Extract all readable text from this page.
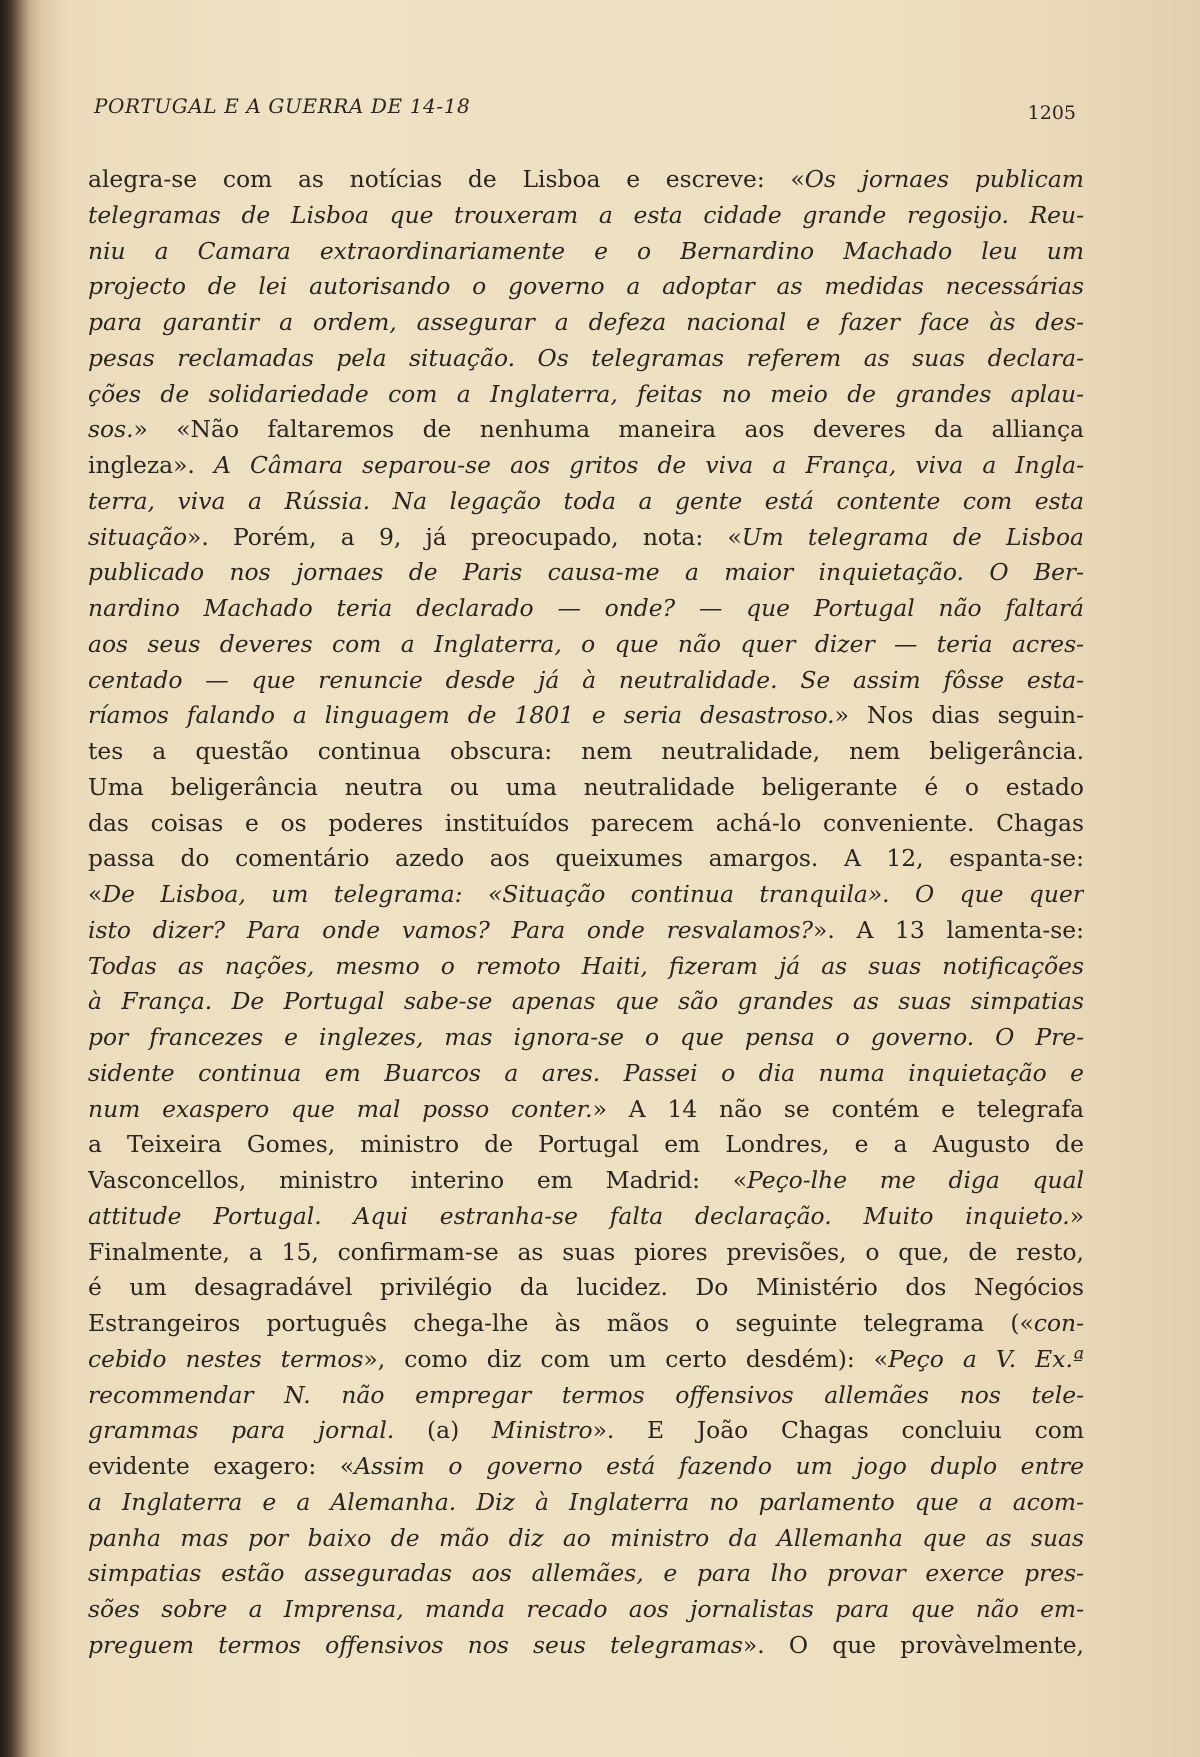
PORTUGAL E A GUERRA DE 14-18	1205
alegra-se com as notícias de Lisboa e escreve: «Os jornaes publicam
telegramas de Lisboa que trouxeram a esta cidade grande regosijo. Reu-
niu a Camara extraordinariamente e o Bernardino Machado leu um
projecto de lei autorisando o governo a adoptar as medidas necessárias
para garantir a ordem, assegurar a defeza nacional e fazer face às des-
pesas reclamadas pela situação. Os telegramas referem as suas declara-
ções de solidariedade com a Inglaterra, feitas no meio de grandes aplau-
sos.» «Não faltaremos de nenhuma maneira aos deveres da alliança
ingleza». A Câmara separou-se aos gritos de viva a França, viva a Ingla-
terra, viva a Rússia. Na legação toda a gente está contente com esta
situação». Porém, a 9, já preocupado, nota: «Um telegrama de Lisboa
publicado nos jornaes de Paris causa-me a maior inquietação. O Ber-
nardino Machado teria declarado — onde? — que Portugal não faltará
aos seus deveres com a Inglaterra, o que não quer dizer — teria acres-
centado — que renuncie desde já à neutralidade. Se assim fôsse esta-
ríamos falando a linguagem de 1801 e seria desastroso.» Nos dias seguin-
tes a questão continua obscura: nem neutralidade, nem beligerância.
Uma beligerância neutra ou uma neutralidade beligerante é o estado
das coisas e os poderes instituídos parecem achá-lo conveniente. Chagas
passa do comentário azedo aos queixumes amargos. A 12, espanta-se:
«De Lisboa, um telegrama: «Situação continua tranquila». O que quer
isto dizer? Para onde vamos? Para onde resvalamos?». A 13 lamenta-se:
Todas as nações, mesmo o remoto Haiti, fizeram já as suas notificações
à França. De Portugal sabe-se apenas que são grandes as suas simpatias
por francezes e inglezes, mas ignora-se o que pensa o governo. O Pre-
sidente continua em Buarcos a ares. Passei o dia numa inquietação e
num exaspero que mal posso conter.» A 14 não se contém e telegrafa
a Teixeira Gomes, ministro de Portugal em Londres, e a Augusto de
Vasconcellos, ministro interino em Madrid: «Peço-lhe me diga qual
attitude Portugal. Aqui estranha-se falta declaração. Muito inquieto.»
Finalmente, a 15, confirmam-se as suas piores previsões, o que, de resto,
é um desagradável privilégio da lucidez. Do Ministério dos Negócios
Estrangeiros português chega-lhe às mãos o seguinte telegrama («con-
cebido nestes termos», como diz com um certo desdém): «Peço a V. Ex.ª
recommendar N. não empregar termos offensivos allemães nos tele-
grammas para jornal. (a) Ministro». E João Chagas concluiu com
evidente exagero: «Assim o governo está fazendo um jogo duplo entre
a Inglaterra e a Alemanha. Diz à Inglaterra no parlamento que a acom-
panha mas por baixo de mão diz ao ministro da Allemanha que as suas
simpatias estão asseguradas aos allemães, e para lho provar exerce pres-
sões sobre a Imprensa, manda recado aos jornalistas para que não em-
preguem termos offensivos nos seus telegramas». O que provàvelmente,
